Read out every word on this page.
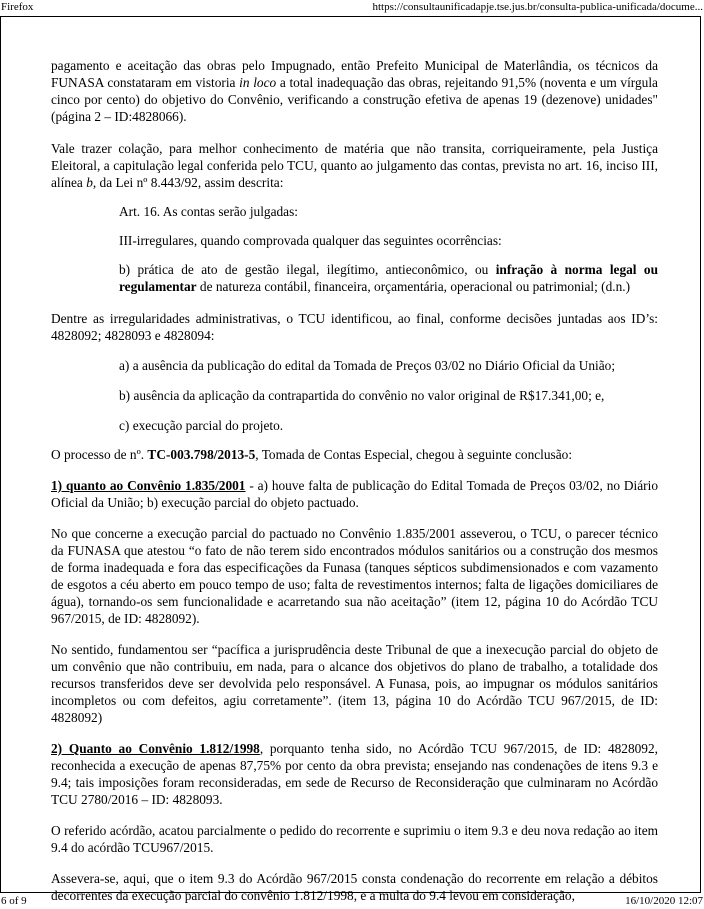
Firefox	https://consultaunificadapje.tse.jus.br/consulta-publica-unificada/docume...

pagamento e aceitação das obras pelo Impugnado, então Prefeito Municipal de Materlândia, os técnicos da FUNASA constataram em vistoria in loco a total inadequação das obras, rejeitando 91,5% (noventa e um vírgula cinco por cento) do objetivo do Convênio, verificando a construção efetiva de apenas 19 (dezenove) unidades" (página 2 – ID:4828066).

Vale trazer colação, para melhor conhecimento de matéria que não transita, corriqueiramente, pela Justiça Eleitoral, a capitulação legal conferida pelo TCU, quanto ao julgamento das contas, prevista no art. 16, inciso III, alínea b, da Lei nº 8.443/92, assim descrita:

Art. 16. As contas serão julgadas:

III-irregulares, quando comprovada qualquer das seguintes ocorrências:

b) prática de ato de gestão ilegal, ilegítimo, antieconômico, ou infração à norma legal ou regulamentar de natureza contábil, financeira, orçamentária, operacional ou patrimonial; (d.n.)

Dentre as irregularidades administrativas, o TCU identificou, ao final, conforme decisões juntadas aos ID’s: 4828092; 4828093 e 4828094:

a) a ausência da publicação do edital da Tomada de Preços 03/02 no Diário Oficial da União;

b) ausência da aplicação da contrapartida do convênio no valor original de R$17.341,00; e,

c) execução parcial do projeto.

O processo de nº. TC-003.798/2013-5, Tomada de Contas Especial, chegou à seguinte conclusão:

1) quanto ao Convênio 1.835/2001 - a) houve falta de publicação do Edital Tomada de Preços 03/02, no Diário Oficial da União; b) execução parcial do objeto pactuado.

No que concerne a execução parcial do pactuado no Convênio 1.835/2001 asseverou, o TCU, o parecer técnico da FUNASA que atestou “o fato de não terem sido encontrados módulos sanitários ou a construção dos mesmos de forma inadequada e fora das especificações da Funasa (tanques sépticos subdimensionados e com vazamento de esgotos a céu aberto em pouco tempo de uso; falta de revestimentos internos; falta de ligações domiciliares de água), tornando-os sem funcionalidade e acarretando sua não aceitação” (item 12, página 10 do Acórdão TCU 967/2015, de ID: 4828092).

No sentido, fundamentou ser “pacífica a jurisprudência deste Tribunal de que a inexecução parcial do objeto de um convênio que não contribuiu, em nada, para o alcance dos objetivos do plano de trabalho, a totalidade dos recursos transferidos deve ser devolvida pelo responsável. A Funasa, pois, ao impugnar os módulos sanitários incompletos ou com defeitos, agiu corretamente”. (item 13, página 10 do Acórdão TCU 967/2015, de ID: 4828092)

2) Quanto ao Convênio 1.812/1998, porquanto tenha sido, no Acórdão TCU 967/2015, de ID: 4828092, reconhecida a execução de apenas 87,75% por cento da obra prevista; ensejando nas condenações de itens 9.3 e 9.4; tais imposições foram reconsideradas, em sede de Recurso de Reconsideração que culminaram no Acórdão TCU 2780/2016 – ID: 4828093.

O referido acórdão, acatou parcialmente o pedido do recorrente e suprimiu o item 9.3 e deu nova redação ao item 9.4 do acórdão TCU967/2015.

Assevera-se, aqui, que o item 9.3 do Acórdão 967/2015 consta condenação do recorrente em relação a débitos decorrentes da execução parcial do convênio 1.812/1998, e a multa do 9.4 levou em consideração,

6 of 9	16/10/2020 12:07
